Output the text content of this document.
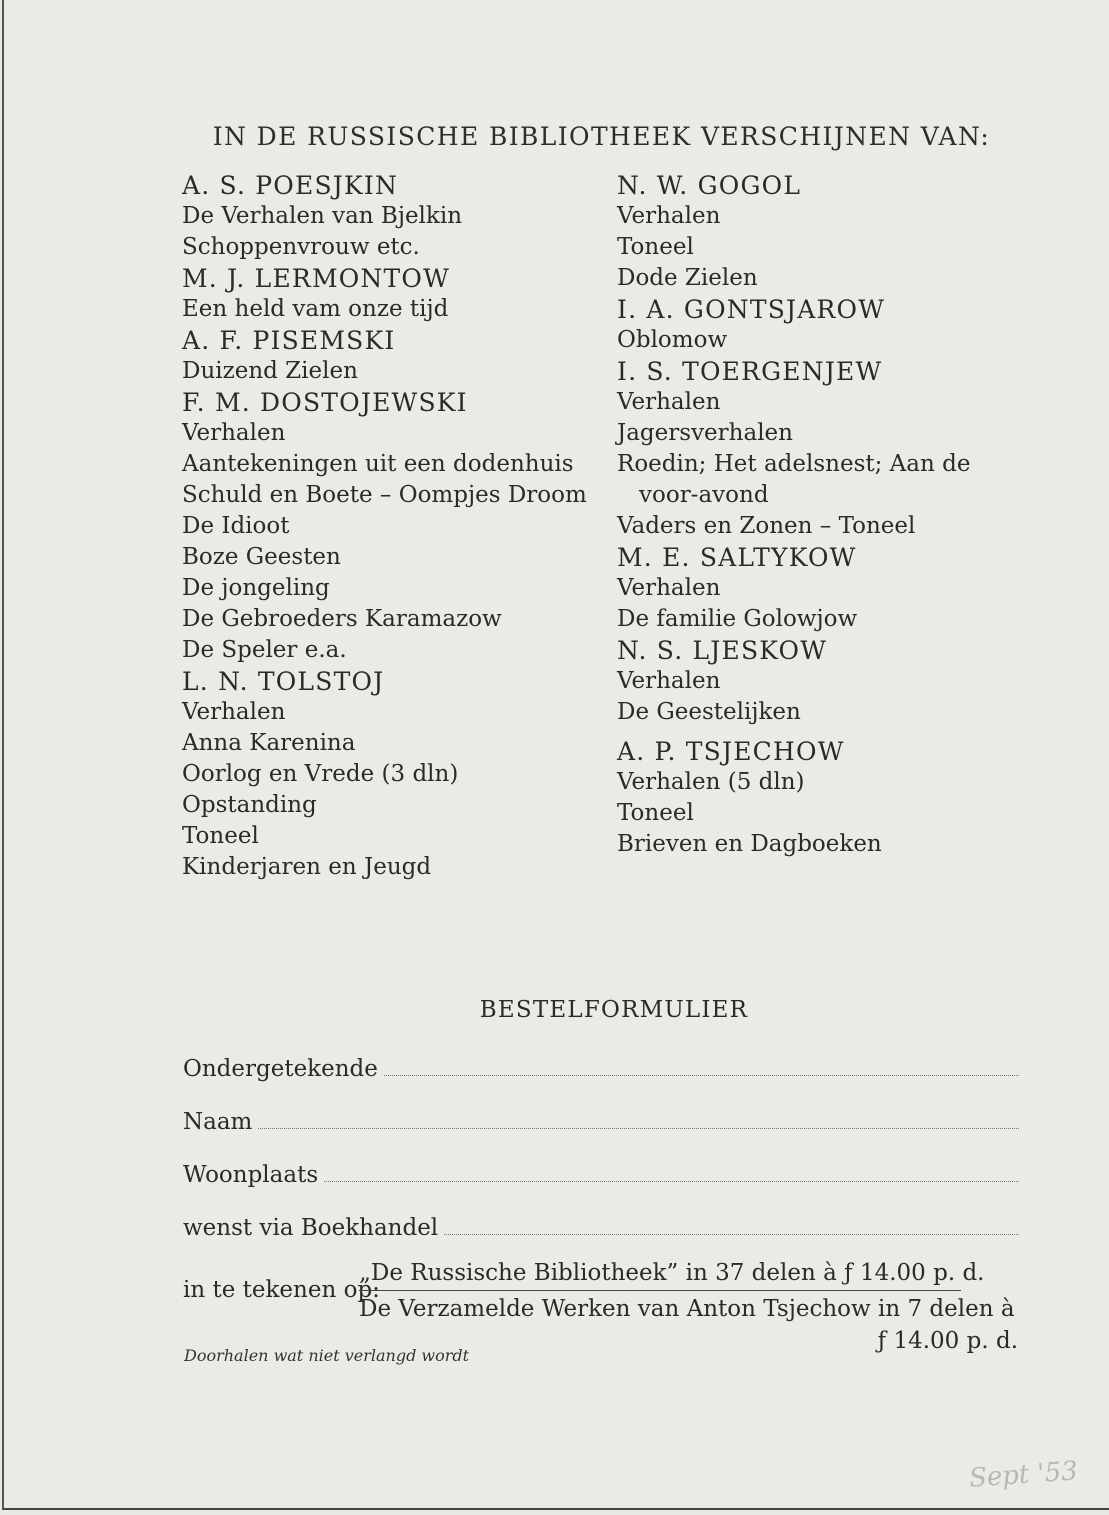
IN DE RUSSISCHE BIBLIOTHEEK VERSCHIJNEN VAN:
A. S. POESJKIN
De Verhalen van Bjelkin
Schoppenvrouw etc.
M. J. LERMONTOW
Een held vam onze tijd
A. F. PISEMSKI
Duizend Zielen
F. M. DOSTOJEWSKI
Verhalen
Aantekeningen uit een dodenhuis
Schuld en Boete – Oompjes Droom
De Idioot
Boze Geesten
De jongeling
De Gebroeders Karamazow
De Speler e.a.
L. N. TOLSTOJ
Verhalen
Anna Karenina
Oorlog en Vrede (3 dln)
Opstanding
Toneel
Kinderjaren en Jeugd
N. W. GOGOL
Verhalen
Toneel
Dode Zielen
I. A. GONTSJAROW
Oblomow
I. S. TOERGENJEW
Verhalen
Jagersverhalen
Roedin; Het adelsnest; Aan de voor-avond
Vaders en Zonen – Toneel
M. E. SALTYKOW
Verhalen
De familie Golowjow
N. S. LJESKOW
Verhalen
De Geestelijken
A. P. TSJECHOW
Verhalen (5 dln)
Toneel
Brieven en Dagboeken
BESTELFORMULIER
Ondergetekende
Naam
Woonplaats
wenst via Boekhandel
in te tekenen op:
„De Russische Bibliotheek” in 37 delen à ƒ 14.00 p. d.
De Verzamelde Werken van Anton Tsjechow in 7 delen à
ƒ 14.00 p. d.
Doorhalen wat niet verlangd wordt
Sept '53
